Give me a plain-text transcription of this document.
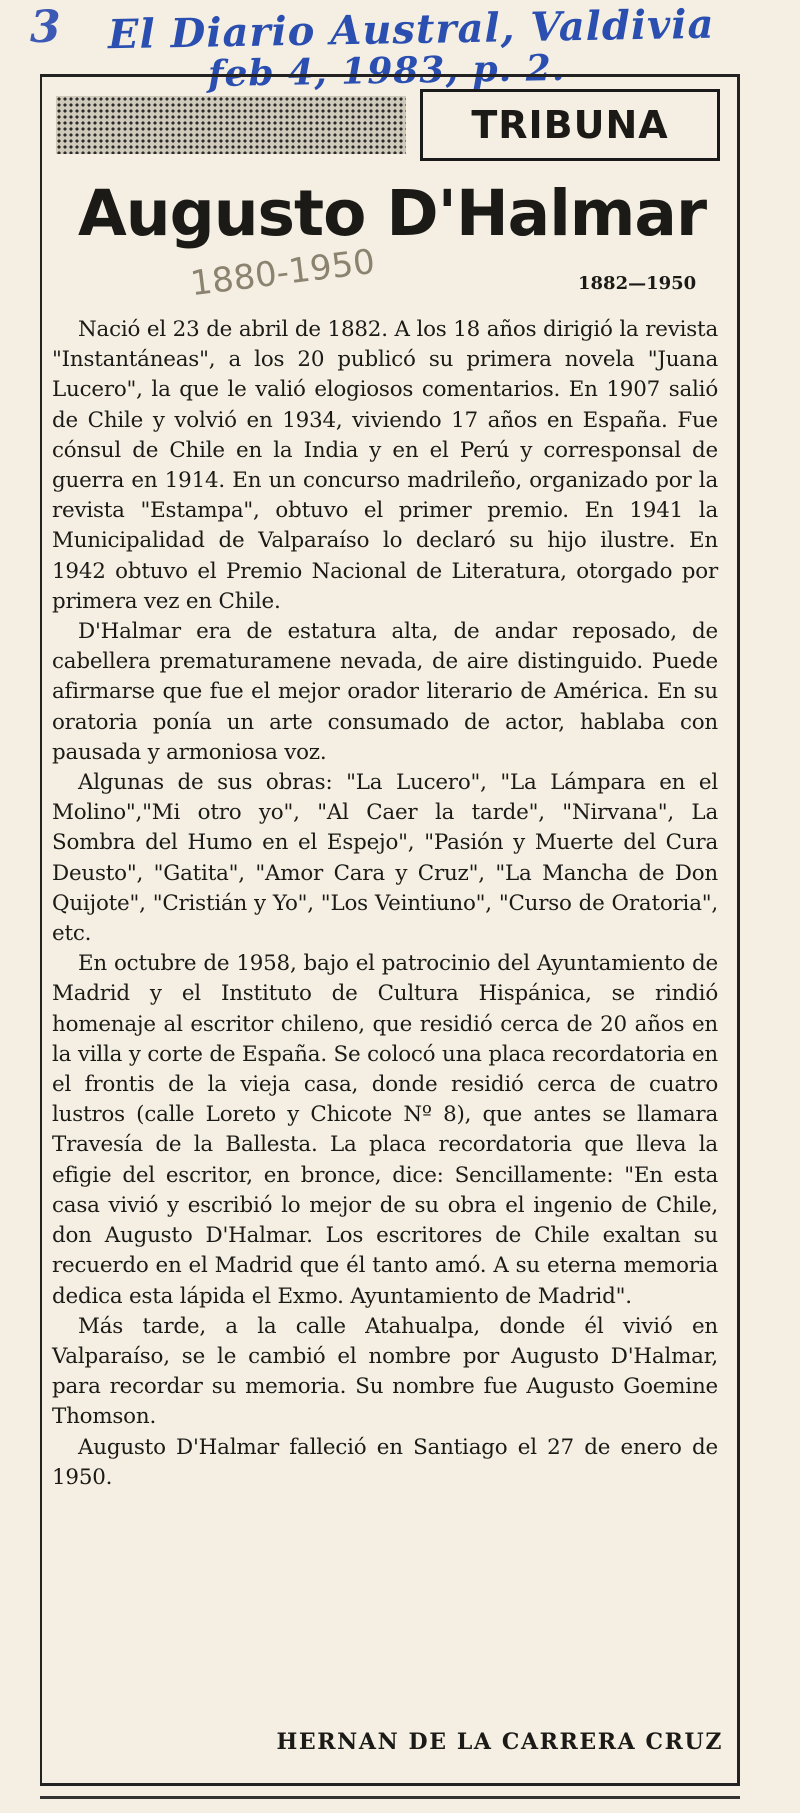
3 El Diario Austral, Valdivia
feb 4, 1983, p. 2.
TRIBUNA
Augusto D'Halmar
1880-1950	1882—1950

Nació el 23 de abril de 1882. A los 18 años dirigió la revista "Instantáneas", a los 20 publicó su primera novela "Juana Lucero", la que le valió elogiosos comentarios. En 1907 salió de Chile y volvió en 1934, viviendo 17 años en España. Fue cónsul de Chile en la India y en el Perú y corresponsal de guerra en 1914. En un concurso madrileño, organizado por la revista "Estampa", obtuvo el primer premio. En 1941 la Municipalidad de Valparaíso lo declaró su hijo ilustre. En 1942 obtuvo el Premio Nacional de Literatura, otorgado por primera vez en Chile.

D'Halmar era de estatura alta, de andar reposado, de cabellera prematuramene nevada, de aire distinguido. Puede afirmarse que fue el mejor orador literario de América. En su oratoria ponía un arte consumado de actor, hablaba con pausada y armoniosa voz.

Algunas de sus obras: "La Lucero", "La Lámpara en el Molino","Mi otro yo", "Al Caer la tarde", "Nirvana", La Sombra del Humo en el Espejo", "Pasión y Muerte del Cura Deusto", "Gatita", "Amor Cara y Cruz", "La Mancha de Don Quijote", "Cristián y Yo", "Los Veintiuno", "Curso de Oratoria", etc.

En octubre de 1958, bajo el patrocinio del Ayuntamiento de Madrid y el Instituto de Cultura Hispánica, se rindió homenaje al escritor chileno, que residió cerca de 20 años en la villa y corte de España. Se colocó una placa recordatoria en el frontis de la vieja casa, donde residió cerca de cuatro lustros (calle Loreto y Chicote Nº 8), que antes se llamara Travesía de la Ballesta. La placa recordatoria que lleva la efigie del escritor, en bronce, dice: Sencillamente: "En esta casa vivió y escribió lo mejor de su obra el ingenio de Chile, don Augusto D'Halmar. Los escritores de Chile exaltan su recuerdo en el Madrid que él tanto amó. A su eterna memoria dedica esta lápida el Exmo. Ayuntamiento de Madrid".

Más tarde, a la calle Atahualpa, donde él vivió en Valparaíso, se le cambió el nombre por Augusto D'Halmar, para recordar su memoria. Su nombre fue Augusto Goemine Thomson.

Augusto D'Halmar falleció en Santiago el 27 de enero de 1950.

HERNAN DE LA CARRERA CRUZ
